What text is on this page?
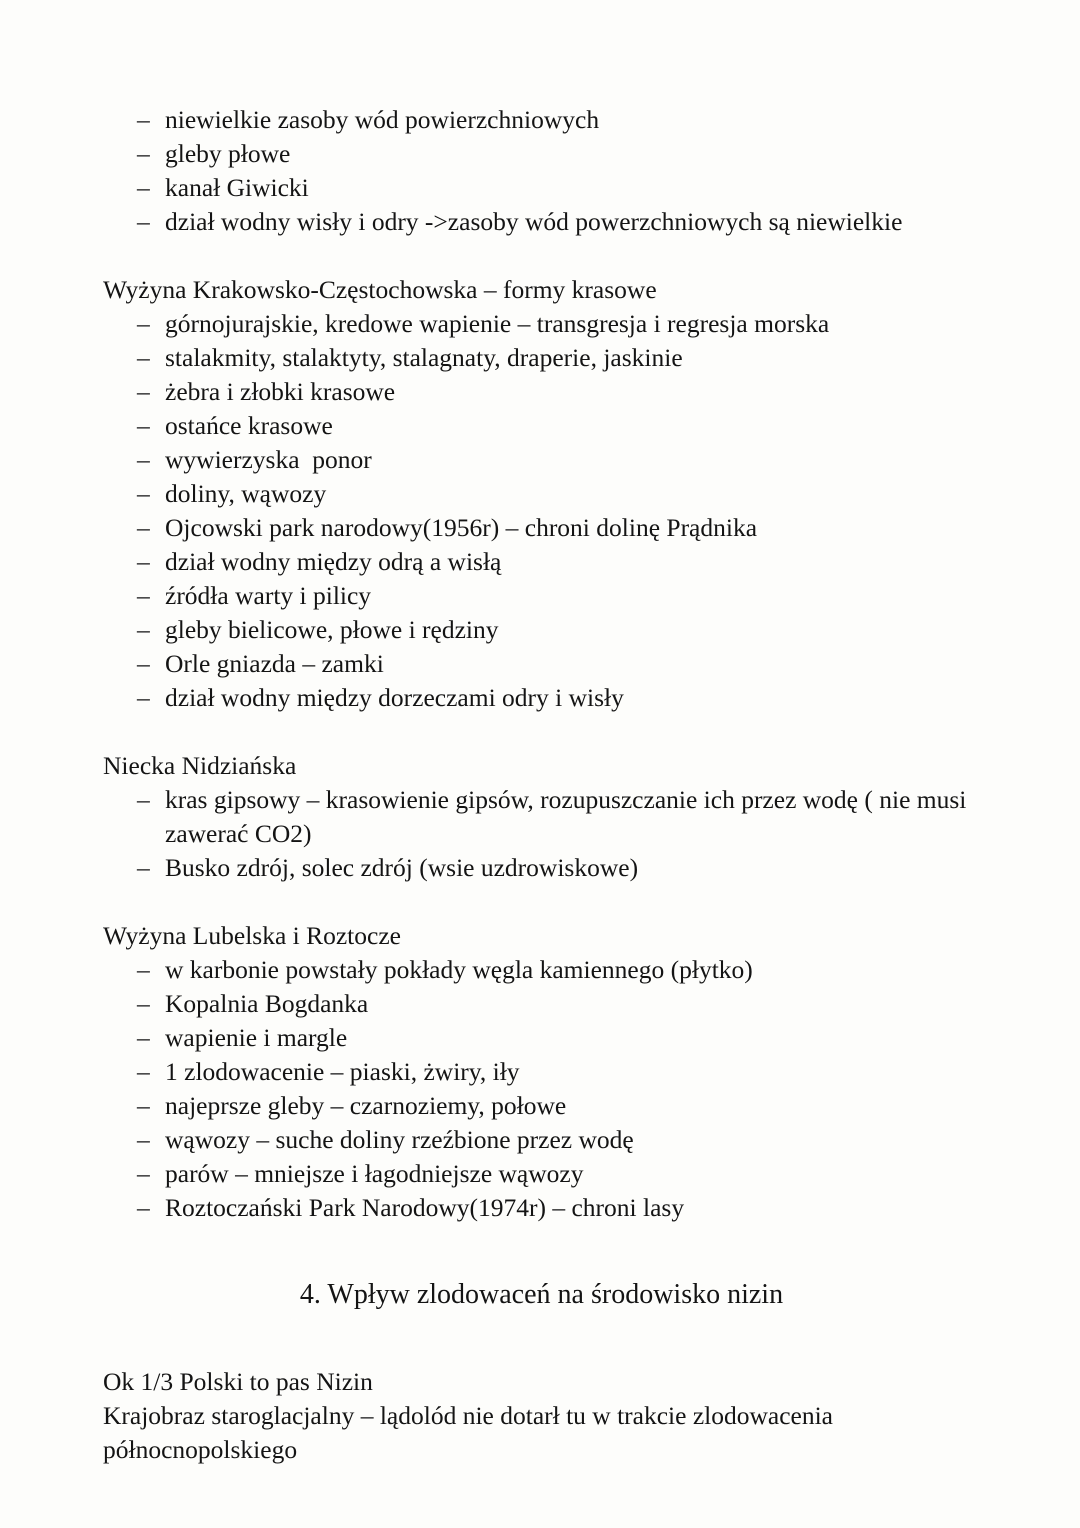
– niewielkie zasoby wód powierzchniowych
– gleby płowe
– kanał Giwicki
– dział wodny wisły i odry ->zasoby wód powerzchniowych są niewielkie

Wyżyna Krakowsko-Częstochowska – formy krasowe

– górnojurajskie, kredowe wapienie – transgresja i regresja morska
– stalakmity, stalaktyty, stalagnaty, draperie, jaskinie
– żebra i złobki krasowe
– ostańce krasowe
– wywierzyska  ponor
– doliny, wąwozy
– Ojcowski park narodowy(1956r) – chroni dolinę Prądnika
– dział wodny między odrą a wisłą
– źródła warty i pilicy
– gleby bielicowe, płowe i rędziny
– Orle gniazda – zamki
– dział wodny między dorzeczami odry i wisły

Niecka Nidziańska

– kras gipsowy – krasowienie gipsów, rozupuszczanie ich przez wodę ( nie musi zawerać CO2)
– Busko zdrój, solec zdrój (wsie uzdrowiskowe)

Wyżyna Lubelska i Roztocze

– w karbonie powstały pokłady węgla kamiennego (płytko)
– Kopalnia Bogdanka
– wapienie i margle
– 1 zlodowacenie – piaski, żwiry, iły
– najeprsze gleby – czarnoziemy, połowe
– wąwozy – suche doliny rzeźbione przez wodę
– parów – mniejsze i łagodniejsze wąwozy
– Roztoczański Park Narodowy(1974r) – chroni lasy

4. Wpływ zlodowaceń na środowisko nizin

Ok 1/3 Polski to pas Nizin

Krajobraz staroglacjalny – lądolód nie dotarł tu w trakcie zlodowacenia północnopolskiego
